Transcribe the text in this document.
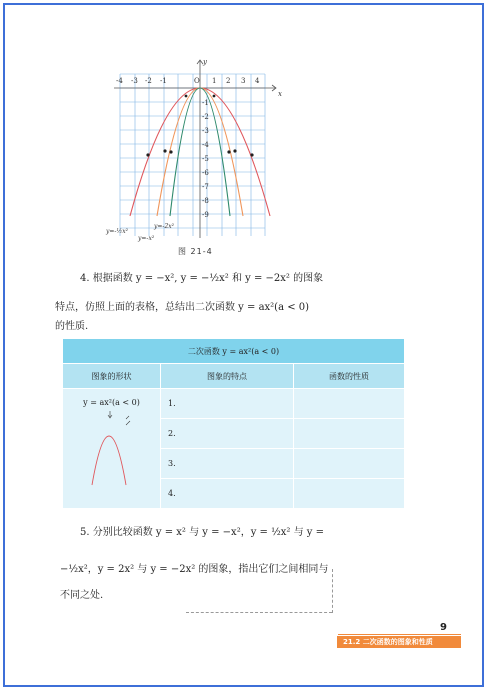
-4 -3 -2 -1	O 1 2 3 4
x
y
-1
-2
-3
-4
-5
-6
-7
-8
-9
y=-½x²
y=-x²
y=-2x²
图 21-4
4. 根据函数 y = −x², y = −½x² 和 y = −2x² 的图象
特点，仿照上面的表格，总结出二次函数 y = ax²(a < 0)
的性质.
二次函数 y = ax²(a < 0)		
图象的形状	图象的特点	函数的性质

y = ax²(a < 0)	1.	
	2.	
	3.	
	4.	
5. 分别比较函数 y = x² 与 y = −x²，y = ½x² 与 y =
−½x²，y = 2x² 与 y = −2x² 的图象，指出它们之间相同与
不同之处.
9
21.2 二次函数的图象和性质
